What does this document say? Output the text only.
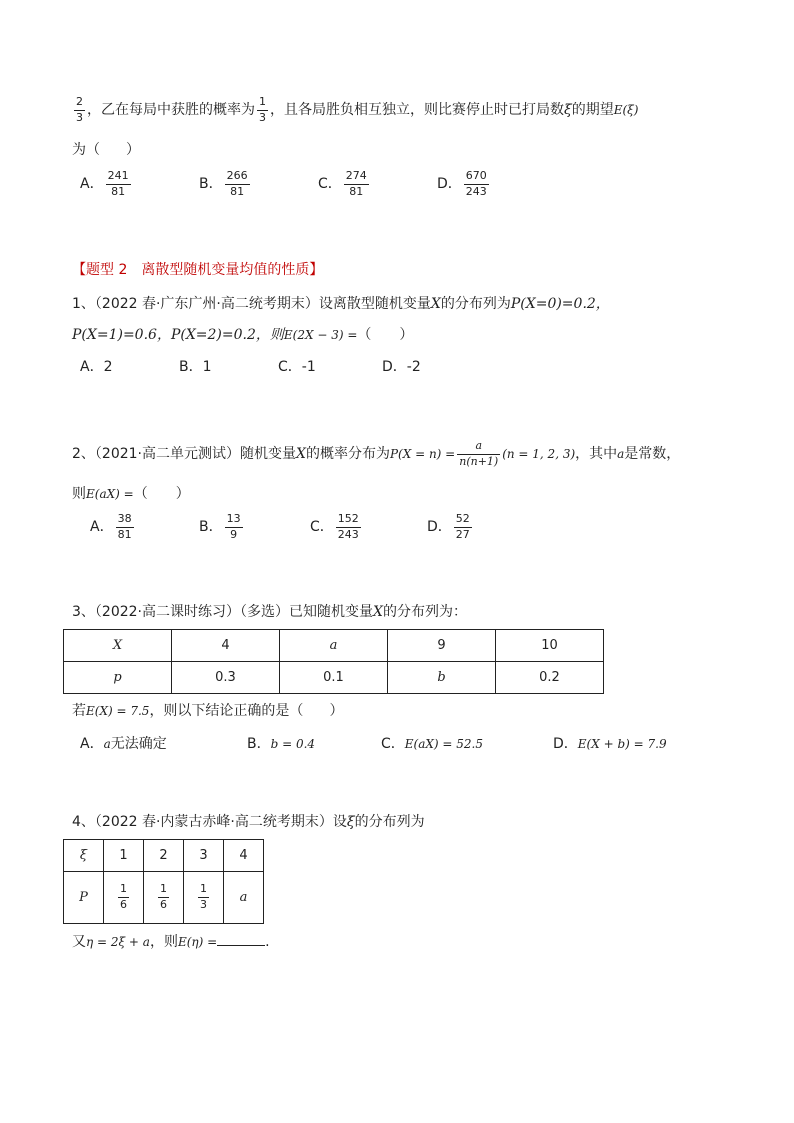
$\frac{2}{3}$ ，乙在每局中获胜的概率为 $\frac{1}{3}$ ，且各局胜负相互独立，则比赛停止时已打局数ξ的期望E(ξ)
为（ ）
A． $\frac{241}{81}$	B． $\frac{266}{81}$	C． $\frac{274}{81}$	D． $\frac{670}{243}$
【题型 2　离散型随机变量均值的性质】
1、（2022 春·广东广州·高二统考期末）设离散型随机变量X的分布列为P(X=0)=0.2，
P(X=1)=0.6，P(X=2)=0.2，则E(2X − 3) =（　　）
A．2	B．1	C．-1	D．-2
2、（2021·高二单元测试）随机变量X的概率分布为$P(X = n) = \frac{a}{n(n+1)} (n = 1$, 2, 3)，其中a是常数，
则E(aX) =（　　）
A． $\frac{38}{81}$	B． $\frac{13}{9}$	C． $\frac{152}{243}$	D． $\frac{52}{27}$
3、（2022·高二课时练习）（多选）已知随机变量X的分布列为：
X	4	a	9	10
p	0.3	0.1	b	0.2
若E(X) = 7.5，则以下结论正确的是（ ）
A．a无法确定	B．b = 0.4	C．E(aX) = 52.5	D．E(X + b) = 7.9
4、（2022 春·内蒙古赤峰·高二统考期末）设ξ的分布列为
ξ	1	2	3	4
P	$\frac{1}{6}$	$\frac{1}{6}$	$\frac{1}{3}$	a
又η = 2ξ + a，则E(η) =	.
